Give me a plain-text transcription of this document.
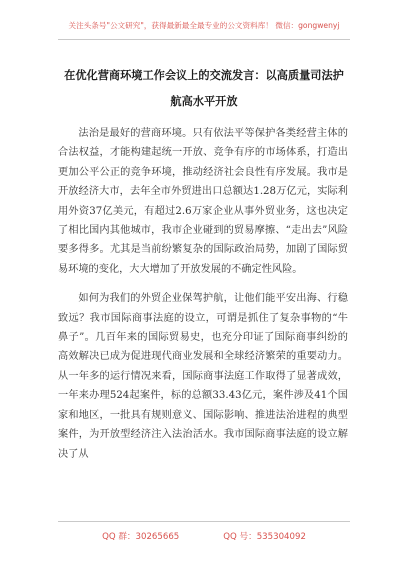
关注头条号"公文研究"，获得最新最全最专业的公文资料库！ 微信：gongwenyj
在优化营商环境工作会议上的交流发言：以高质量司法护
航高水平开放

法治是最好的营商环境。只有依法平等保护各类经营主体的合法权益，才能构建起统一开放、竞争有序的市场体系，打造出更加公平公正的竞争环境，推动经济社会良性有序发展。我市是开放经济大市，去年全市外贸进出口总额达1.28万亿元，实际利用外资37亿美元，有超过2.6万家企业从事外贸业务，这也决定了相比国内其他城市，我市企业碰到的贸易摩擦、“走出去”风险要多得多。尤其是当前纷繁复杂的国际政治局势，加剧了国际贸易环境的变化，大大增加了开放发展的不确定性风险。

如何为我们的外贸企业保驾护航，让他们能平安出海、行稳致远？我市国际商事法庭的设立，可谓是抓住了复杂事物的“牛鼻子”。几百年来的国际贸易史，也充分印证了国际商事纠纷的高效解决已成为促进现代商业发展和全球经济繁荣的重要动力。从一年多的运行情况来看，国际商事法庭工作取得了显著成效，一年来办理524起案件，标的总额33.43亿元，案件涉及41个国家和地区，一批具有规则意义、国际影响、推进法治进程的典型案件，为开放型经济注入法治活水。我市国际商事法庭的设立解决了从

QQ 群：30265665	QQ 号：535304092
